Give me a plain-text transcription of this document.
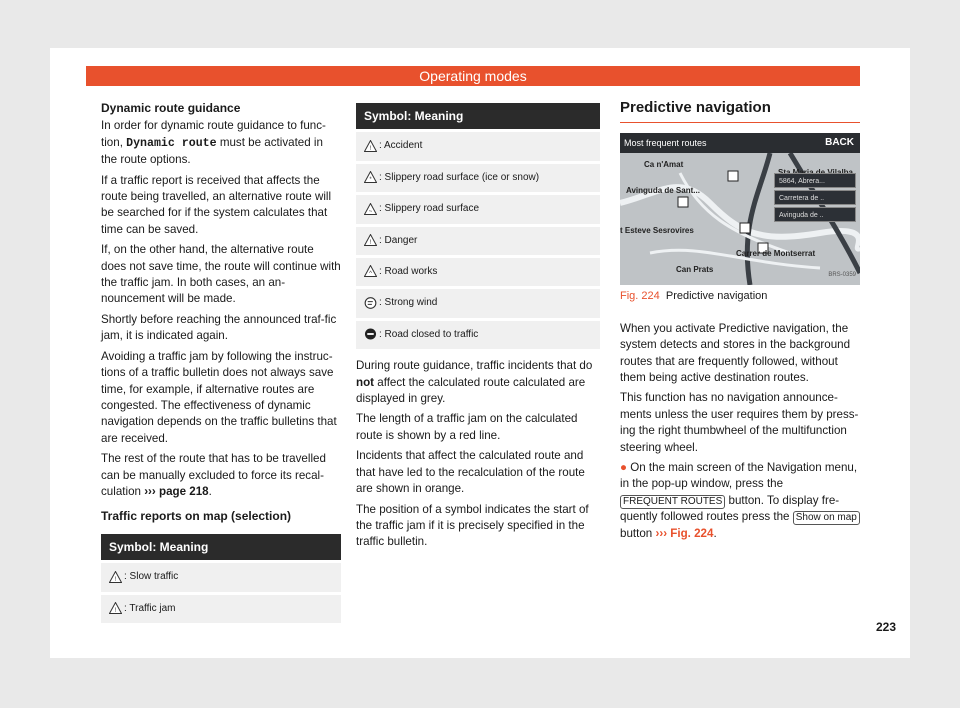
Operating modes
Dynamic route guidance

In order for dynamic route guidance to func-tion, Dynamic route must be activated in the route options.

If a traffic report is received that affects the route being travelled, an alternative route will be searched for if the system calculates that time can be saved.

If, on the other hand, the alternative route does not save time, the route will continue with the traffic jam. In both cases, an an-nouncement will be made.

Shortly before reaching the announced traf-fic jam, it is indicated again.

Avoiding a traffic jam by following the instruc-tions of a traffic bulletin does not always save time, for example, if alternative routes are congested. The effectiveness of dynamic navigation depends on the traffic bulletins that are received.

The rest of the route that has to be travelled can be manually excluded to force its recal-culation ››› page 218.

Traffic reports on map (selection)
Symbol: Meaning

! : Slow traffic

! : Traffic jam
Symbol: Meaning

! : Accident

* : Slippery road surface (ice or snow)

~ : Slippery road surface

! : Danger

^ : Road works
: Strong wind
: Road closed to traffic

During route guidance, traffic incidents that do not affect the calculated route calculated are displayed in grey.

The length of a traffic jam on the calculated route is shown by a red line.

Incidents that affect the calculated route and that have led to the recalculation of the route are shown in orange.

The position of a symbol indicates the start of the traffic jam if it is precisely specified in the traffic bulletin.

Predictive navigation
Most frequent routes	BACK
Ca n'Amat
Avinguda de Sant...
t Esteve Sesrovires
Carrer de Montserrat
Can Prats
5864, Abrera...
Carretera de ..
Avinguda de ..
BRS-0359
Fig. 224 Predictive navigation

When you activate Predictive navigation, the system detects and stores in the background routes that are frequently followed, without them being active destination routes.

This function has no navigation announce-ments unless the user requires them by press-ing the right thumbwheel of the multifunction steering wheel.

● On the main screen of the Navigation menu, in the pop-up window, press the FREQUENT ROUTES button. To display fre-quently followed routes press the Show on map button ››› Fig. 224.

223
